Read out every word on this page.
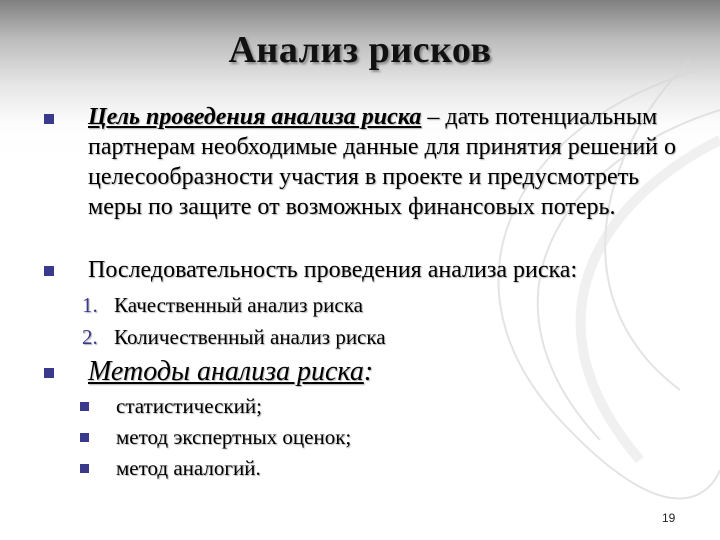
Анализ рисков
Цель проведения анализа риска – дать потенциальным партнерам необходимые данные для принятия решений о целесообразности участия в проекте и предусмотреть меры по защите от возможных финансовых потерь.
Последовательность проведения анализа риска:
1. Качественный анализ риска
2. Количественный анализ риска
Методы анализа риска:
статистический;
метод экспертных оценок;
метод аналогий.
19
